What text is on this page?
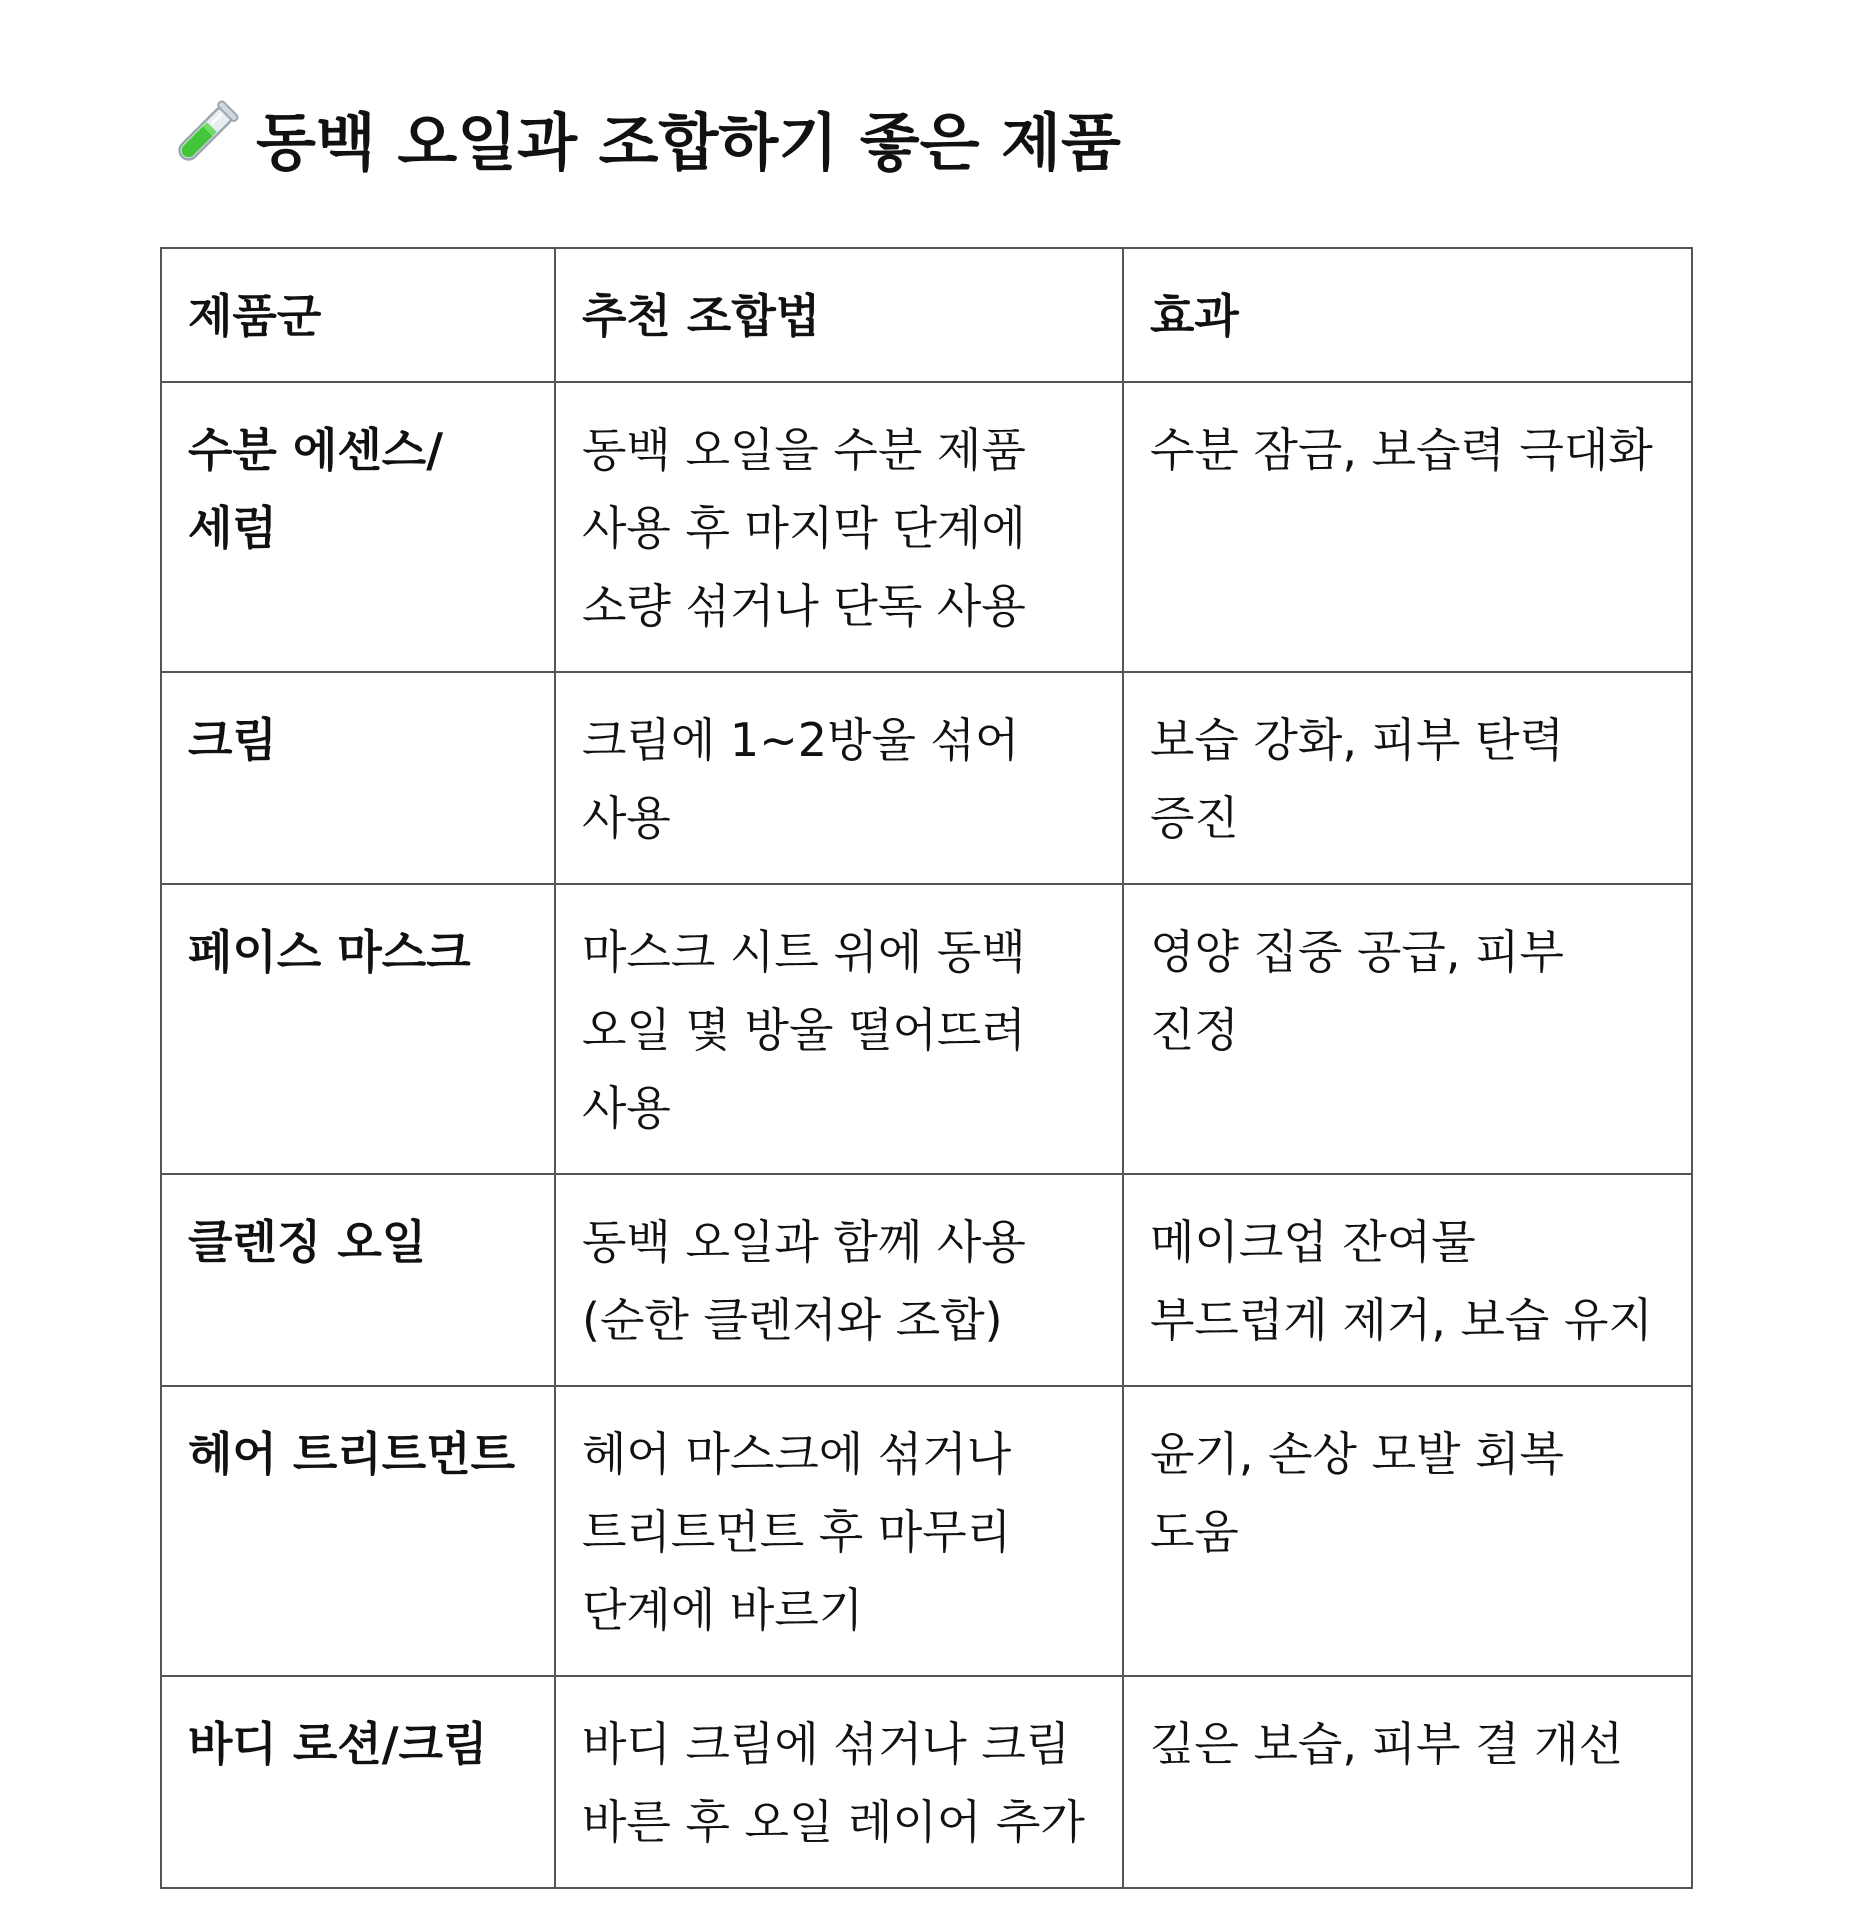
동백 오일과 조합하기 좋은 제품
제품군	추천 조합법	효과
수분 에센스/세럼	동백 오일을 수분 제품 사용 후 마지막 단계에 소량 섞거나 단독 사용	수분 잠금, 보습력 극대화
크림	크림에 1~2방울 섞어 사용	보습 강화, 피부 탄력 증진
페이스 마스크	마스크 시트 위에 동백 오일 몇 방울 떨어뜨려 사용	영양 집중 공급, 피부 진정
클렌징 오일	동백 오일과 함께 사용 (순한 클렌저와 조합)	메이크업 잔여물 부드럽게 제거, 보습 유지
헤어 트리트먼트	헤어 마스크에 섞거나 트리트먼트 후 마무리 단계에 바르기	윤기, 손상 모발 회복 도움
바디 로션/크림	바디 크림에 섞거나 크림 바른 후 오일 레이어 추가	깊은 보습, 피부 결 개선
